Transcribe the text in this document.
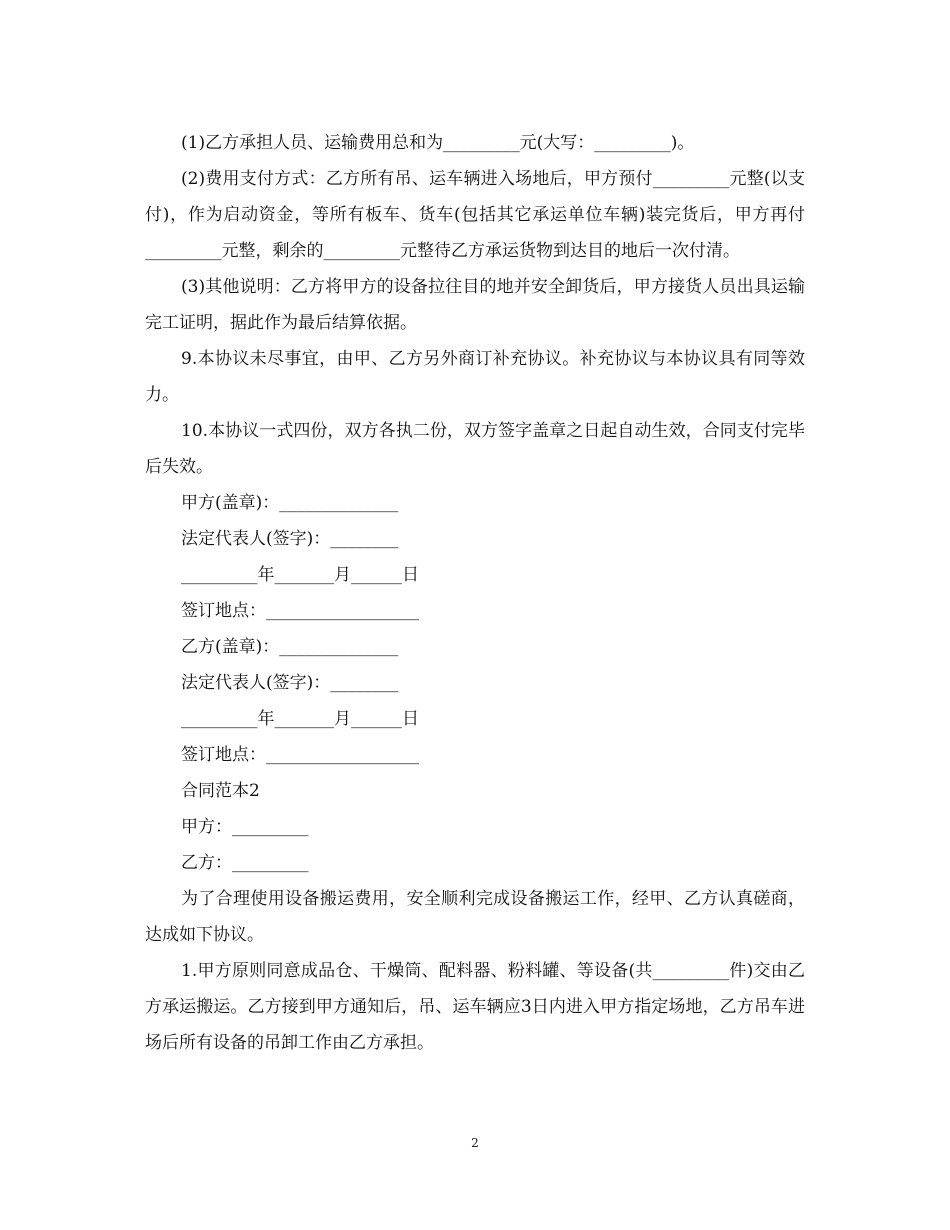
(1)乙方承担人员、运输费用总和为_________元(大写：_________)。

(2)费用支付方式：乙方所有吊、运车辆进入场地后，甲方预付_________元整(以支付)，作为启动资金，等所有板车、货车(包括其它承运单位车辆)装完货后，甲方再付_________元整，剩余的_________元整待乙方承运货物到达目的地后一次付清。

(3)其他说明：乙方将甲方的设备拉往目的地并安全卸货后，甲方接货人员出具运输完工证明，据此作为最后结算依据。

9.本协议未尽事宜，由甲、乙方另外商订补充协议。补充协议与本协议具有同等效力。

10.本协议一式四份，双方各执二份，双方签字盖章之日起自动生效，合同支付完毕后失效。

甲方(盖章)：______________
法定代表人(签字)：________
_________年_______月______日
签订地点：__________________
乙方(盖章)：______________
法定代表人(签字)：________
_________年_______月______日
签订地点：__________________
合同范本2
甲方：_________
乙方：_________

为了合理使用设备搬运费用，安全顺利完成设备搬运工作，经甲、乙方认真磋商，达成如下协议。

1.甲方原则同意成品仓、干燥筒、配料器、粉料罐、等设备(共_________件)交由乙方承运搬运。乙方接到甲方通知后，吊、运车辆应3日内进入甲方指定场地，乙方吊车进场后所有设备的吊卸工作由乙方承担。

2
